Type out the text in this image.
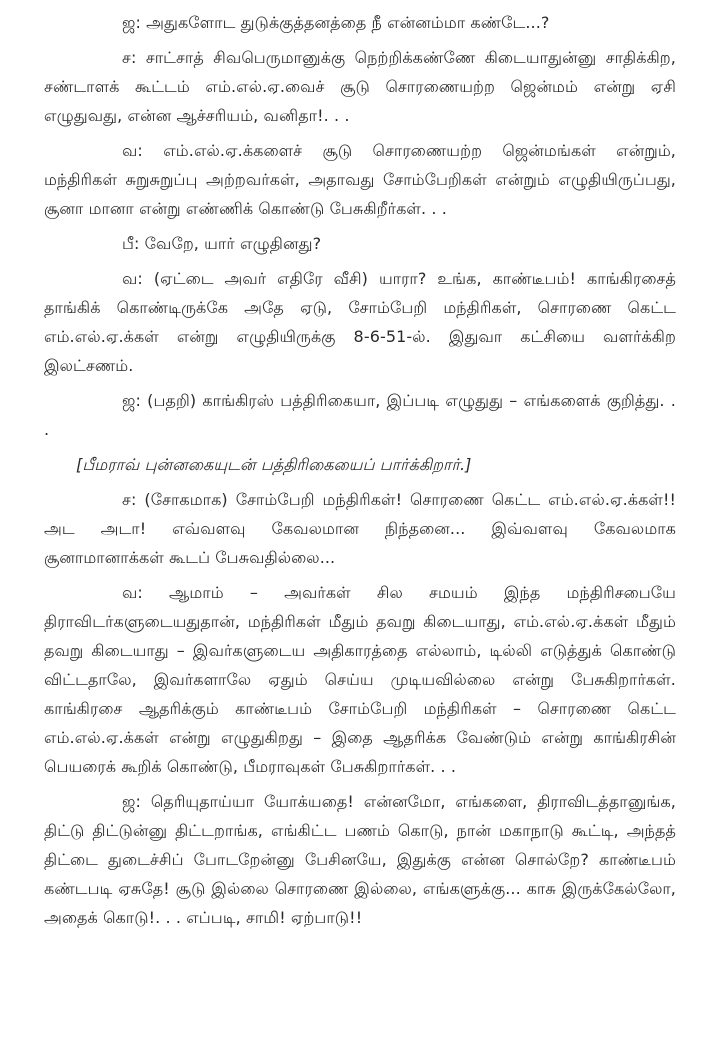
ஜ: அதுகளோட துடுக்குத்தனத்தை நீ என்னம்மா கண்டே...?

ச: சாட்சாத் சிவபெருமானுக்கு நெற்றிக்கண்ணே கிடையாதுன்னு சாதிக்கிற, சண்டாளக் கூட்டம் எம்.எல்.ஏ.வைச் சூடு சொரணையற்ற ஜென்மம் என்று ஏசி எழுதுவது, என்ன ஆச்சரியம், வனிதா!. . .

வ: எம்.எல்.ஏ.க்களைச் சூடு சொரணையற்ற ஜென்மங்கள் என்றும், மந்திரிகள் சுறுசுறுப்பு அற்றவர்கள், அதாவது சோம்பேறிகள் என்றும் எழுதியிருப்பது, சூனா மானா என்று எண்ணிக் கொண்டு பேசுகிறீர்கள். . .

பீ: வேறே, யார் எழுதினது?

வ: (ஏட்டை அவர் எதிரே வீசி) யாரா? உங்க, காண்டீபம்! காங்கிரசைத் தாங்கிக் கொண்டிருக்கே அதே ஏடு, சோம்பேறி மந்திரிகள், சொரணை கெட்ட எம்.எல்.ஏ.க்கள் என்று எழுதியிருக்கு 8-6-51-ல். இதுவா கட்சியை வளர்க்கிற இலட்சணம்.

ஜ: (பதறி) காங்கிரஸ் பத்திரிகையா, இப்படி எழுதுது – எங்களைக் குறித்து. . .

[பீமராவ் புன்னகையுடன் பத்திரிகையைப் பார்க்கிறார்.]

ச: (சோகமாக) சோம்பேறி மந்திரிகள்! சொரணை கெட்ட எம்.எல்.ஏ.க்கள்!! அட அடா! எவ்வளவு கேவலமான நிந்தனை... இவ்வளவு கேவலமாக சூனாமானாக்கள் கூடப் பேசுவதில்லை...

வ: ஆமாம் – அவர்கள் சில சமயம் இந்த மந்திரிசபையே திராவிடர்களுடையதுதான், மந்திரிகள் மீதும் தவறு கிடையாது, எம்.எல்.ஏ.க்கள் மீதும் தவறு கிடையாது – இவர்களுடைய அதிகாரத்தை எல்லாம், டில்லி எடுத்துக் கொண்டு விட்டதாலே, இவர்களாலே ஏதும் செய்ய முடியவில்லை என்று பேசுகிறார்கள். காங்கிரசை ஆதரிக்கும் காண்டீபம் சோம்பேறி மந்திரிகள் – சொரணை கெட்ட எம்.எல்.ஏ.க்கள் என்று எழுதுகிறது – இதை ஆதரிக்க வேண்டும் என்று காங்கிரசின் பெயரைக் கூறிக் கொண்டு, பீமராவுகள் பேசுகிறார்கள். . .

ஜ: தெரியுதாய்யா யோக்யதை! என்னமோ, எங்களை, திராவிடத்தானுங்க, திட்டு திட்டுன்னு திட்டறாங்க, எங்கிட்ட பணம் கொடு, நான் மகாநாடு கூட்டி, அந்தத் திட்டை துடைச்சிப் போடறேன்னு பேசினயே, இதுக்கு என்ன சொல்றே? காண்டீபம் கண்டபடி ஏசுதே! சூடு இல்லை சொரணை இல்லை, எங்களுக்கு... காசு இருக்கேல்லோ, அதைக் கொடு!. . . எப்படி, சாமி! ஏற்பாடு!!
